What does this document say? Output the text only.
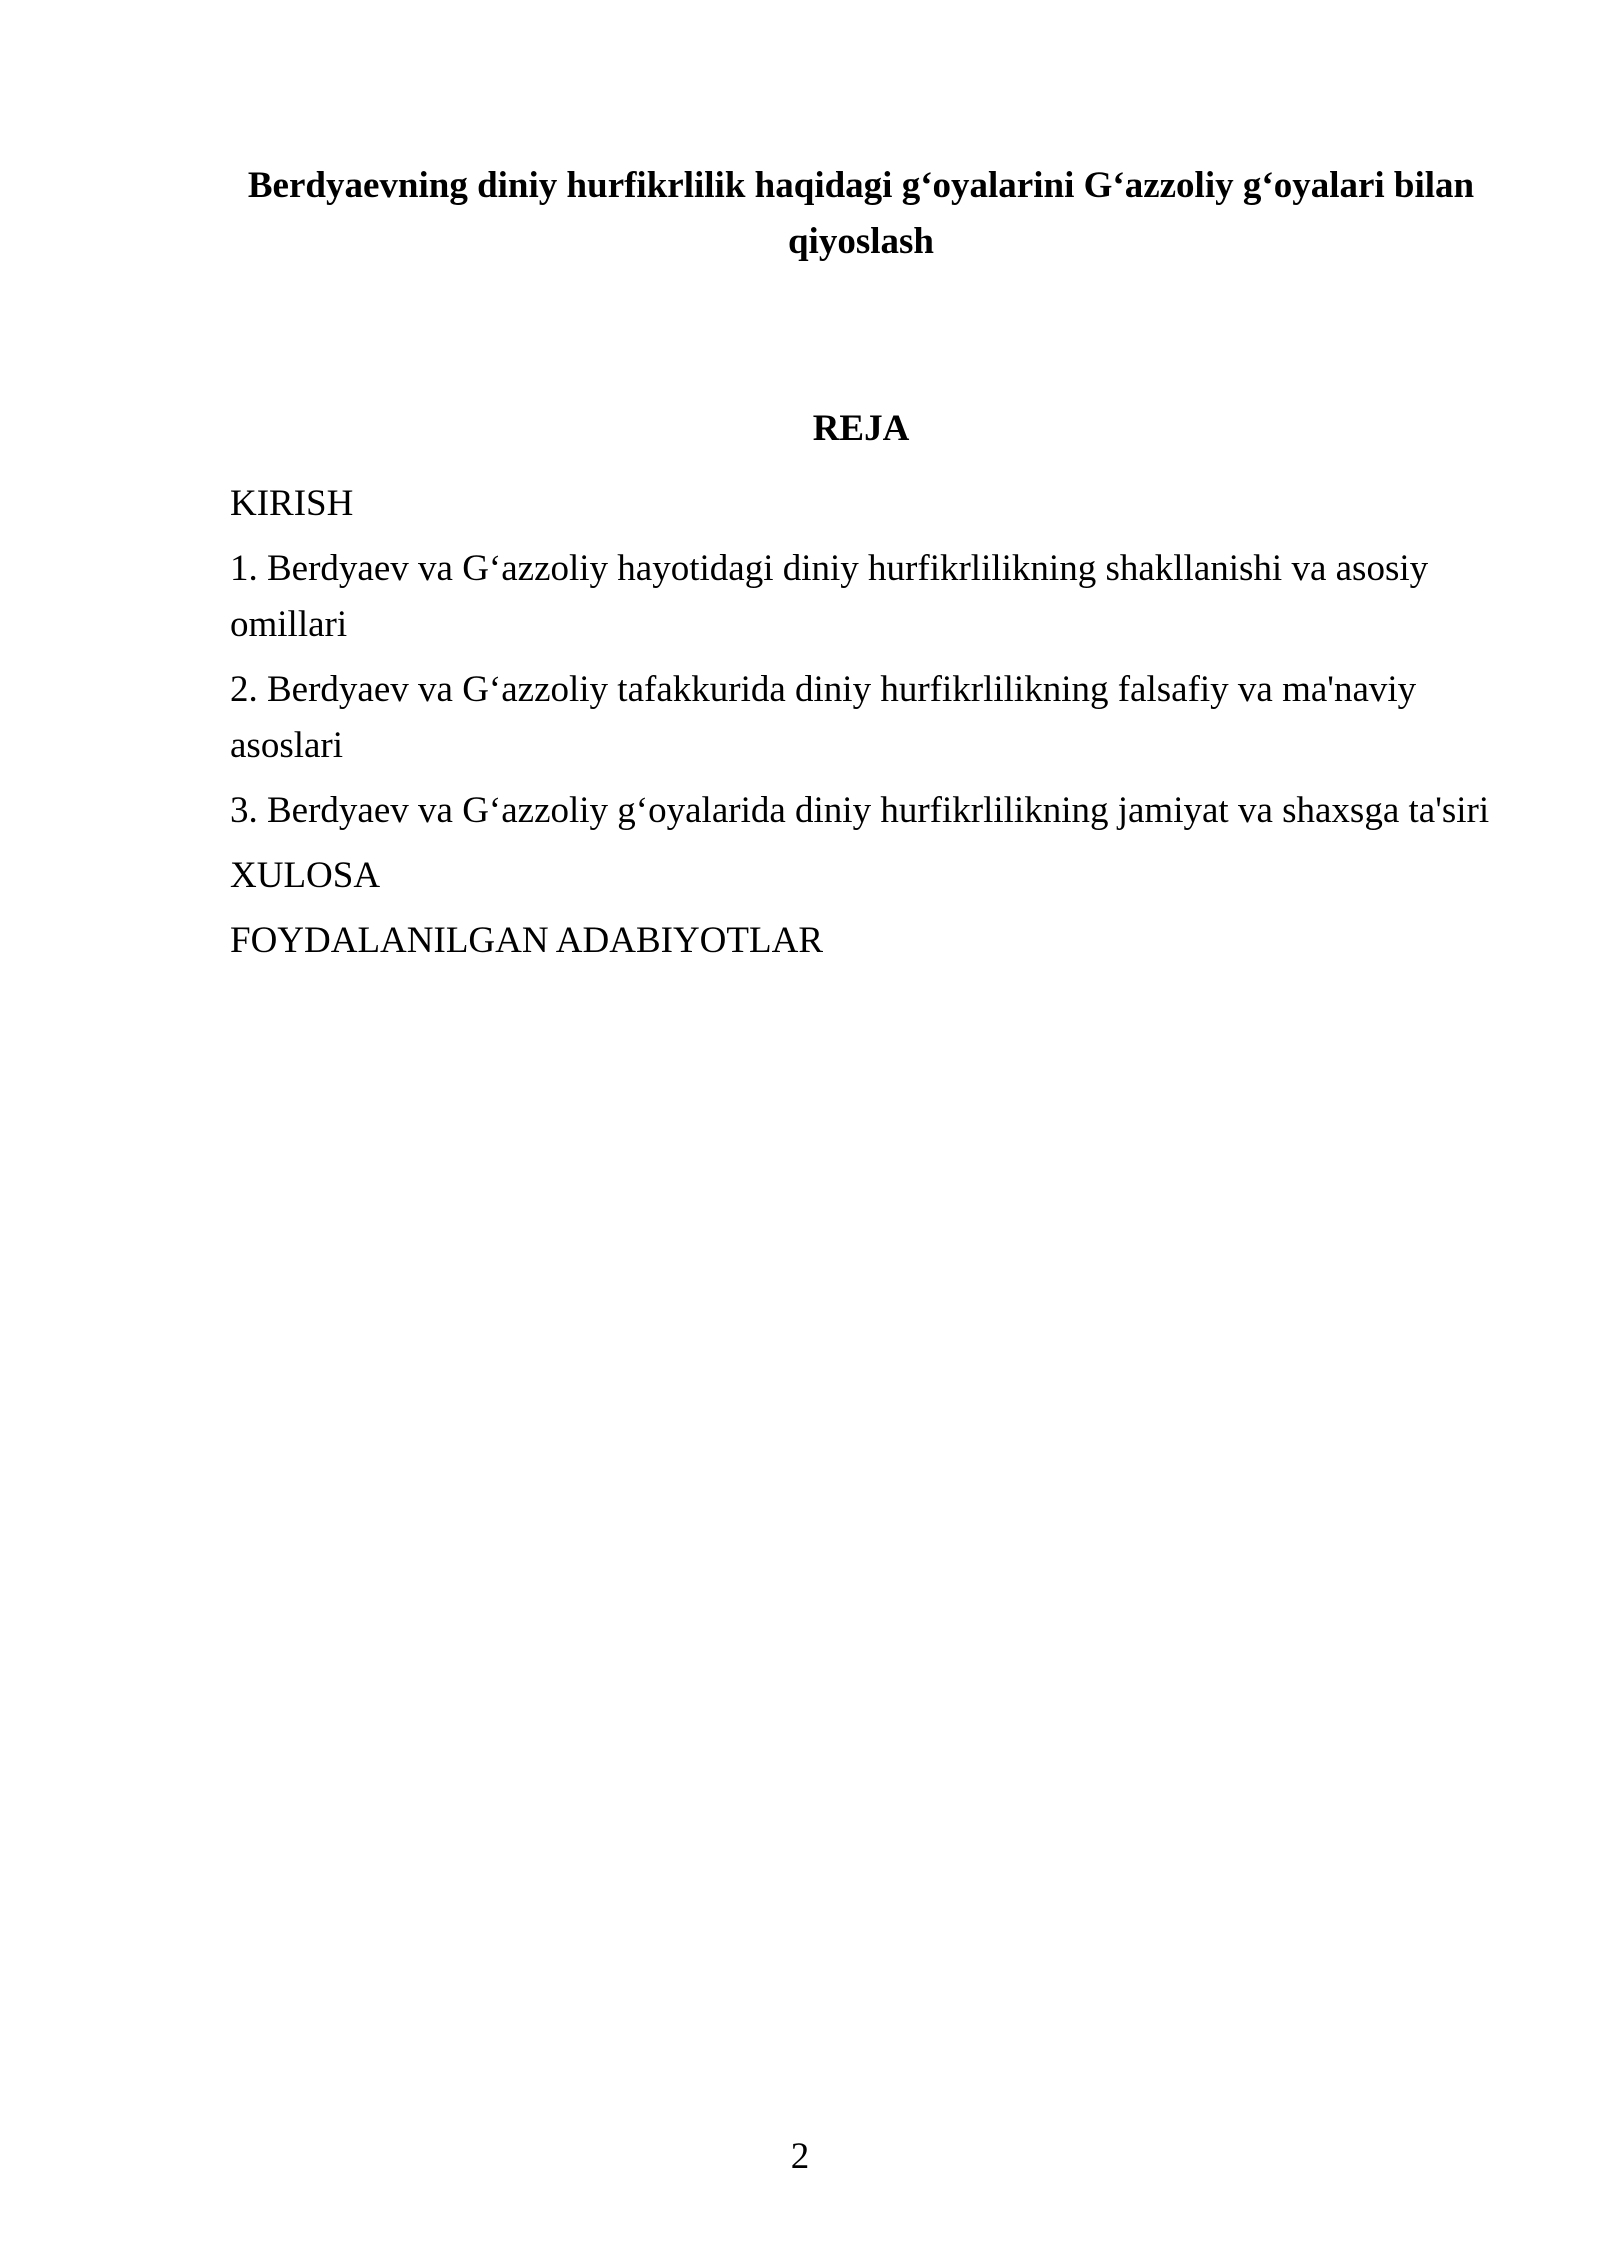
Berdyaevning diniy hurfikrlilik haqidagi g‘oyalarini G‘azzoliy g‘oyalari bilan qiyoslash
REJA
KIRISH
1. Berdyaev va G‘azzoliy hayotidagi diniy hurfikrlilikning shakllanishi va asosiy omillari
2. Berdyaev va G‘azzoliy tafakkurida diniy hurfikrlilikning falsafiy va ma'naviy asoslari
3. Berdyaev va G‘azzoliy g‘oyalarida diniy hurfikrlilikning jamiyat va shaxsga ta'siri
XULOSA
FOYDALANILGAN ADABIYOTLAR
2
